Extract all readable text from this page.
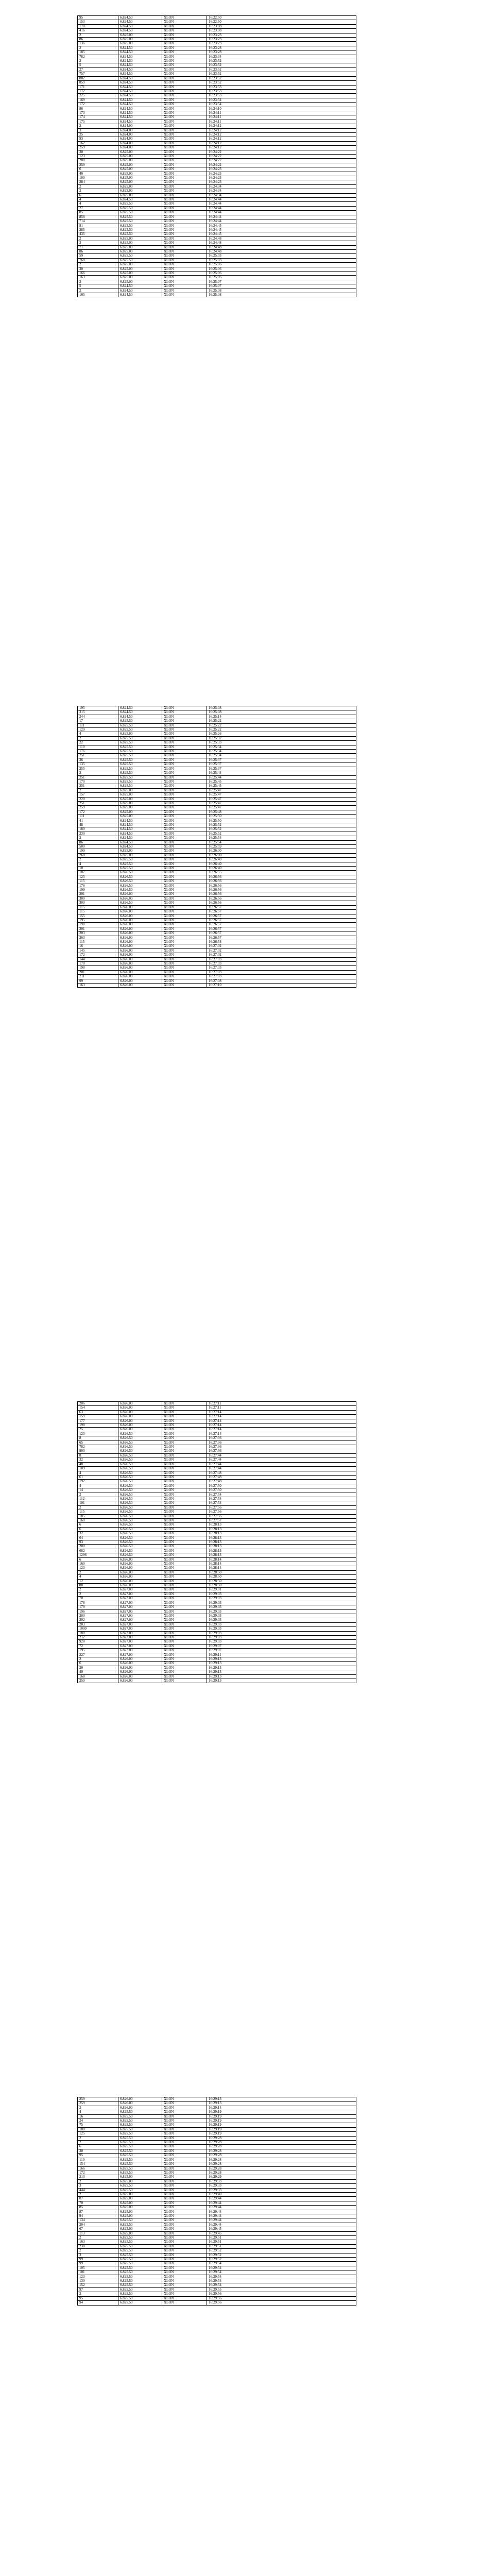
95	6.824.50	XLON	16:22:50
153	6.824.50	XLON	16:22:50
170	6.824.50	XLON	16:23:08
416	6.824.50	XLON	16:23:08
2	6.825.00	XLON	16:23:23
86	6.825.00	XLON	16:23:23
136	6.825.00	XLON	16:23:23
2	6.824.50	XLON	16:23:28
185	6.824.50	XLON	16:23:28
782	6.824.50	XLON	16:23:34
2	6.824.50	XLON	16:23:52
5	6.824.50	XLON	16:23:52
27	6.824.50	XLON	16:23:52
757	6.824.50	XLON	16:23:52
802	6.824.50	XLON	16:23:52
859	6.824.50	XLON	16:23:52
171	6.824.50	XLON	16:23:53
172	6.824.50	XLON	16:23:53
225	6.824.50	XLON	16:23:53
169	6.824.50	XLON	16:23:54
172	6.824.50	XLON	16:23:54
86	6.824.50	XLON	16:24:10
173	6.824.50	XLON	16:24:11
174	6.824.50	XLON	16:24:11
175	6.824.50	XLON	16:24:11
2	6.824.00	XLON	16:24:12
3	6.824.00	XLON	16:24:12
25	6.824.00	XLON	16:24:12
93	6.824.00	XLON	16:24:12
162	6.824.00	XLON	16:24:12
259	6.824.00	XLON	16:24:12
30	6.825.00	XLON	16:24:22
123	6.825.00	XLON	16:24:22
280	6.825.00	XLON	16:24:22
259	6.825.00	XLON	16:24:22
6	6.825.00	XLON	16:24:23
40	6.825.00	XLON	16:24:23
100	6.825.00	XLON	16:24:23
284	6.825.00	XLON	16:24:23
2	6.825.00	XLON	16:24:34
2	6.825.00	XLON	16:24:34
6	6.825.00	XLON	16:24:34
4	6.824.50	XLON	16:24:44
4	6.825.50	XLON	16:24:44
27	6.825.50	XLON	16:24:44
85	6.825.50	XLON	16:24:44
858	6.825.50	XLON	16:24:44
714	6.825.50	XLON	16:24:44
81	6.825.50	XLON	16:24:45
285	6.825.50	XLON	16:24:45
435	6.825.50	XLON	16:24:45
2	6.825.00	XLON	16:24:48
3	6.825.00	XLON	16:24:48
71	6.825.00	XLON	16:24:48
86	6.825.00	XLON	16:24:48
59	6.825.50	XLON	16:25:03
768	6.825.50	XLON	16:25:03
2	6.825.00	XLON	16:25:06
30	6.825.00	XLON	16:25:06
166	6.825.00	XLON	16:25:06
163	6.825.00	XLON	16:25:06
2	6.825.00	XLON	16:25:07
5	6.824.50	XLON	16:25:07
2	6.824.50	XLON	16:25:08
165	6.824.50	XLON	16:25:08
195	6.824.50	XLON	16:25:08
315	6.824.50	XLON	16:25:08
244	6.824.50	XLON	16:25:14
17	6.825.50	XLON	16:25:22
111	6.825.50	XLON	16:25:22
129	6.825.50	XLON	16:25:22
4	6.825.00	XLON	16:25:26
2	6.825.50	XLON	16:25:32
22	6.825.50	XLON	16:25:33
110	6.825.50	XLON	16:25:34
176	6.825.50	XLON	16:25:34
251	6.825.50	XLON	16:25:34
36	6.825.50	XLON	16:25:37
135	6.825.50	XLON	16:25:37
255	6.825.50	XLON	16:25:37
2	6.825.50	XLON	16:25:44
251	6.825.50	XLON	16:25:44
170	6.825.50	XLON	16:25:45
251	6.825.50	XLON	16:25:45
2	6.825.00	XLON	16:25:47
157	6.825.00	XLON	16:25:47
220	6.825.00	XLON	16:25:47
251	6.825.00	XLON	16:25:47
259	6.825.00	XLON	16:25:47
172	6.825.00	XLON	16:25:48
111	6.825.00	XLON	16:25:50
41	6.824.50	XLON	16:25:50
48	6.824.50	XLON	16:25:52
180	6.824.50	XLON	16:25:52
230	6.824.50	XLON	16:25:52
2	6.824.50	XLON	16:25:54
86	6.824.50	XLON	16:25:54
500	6.824.50	XLON	16:25:59
199	6.825.00	XLON	16:26:00
260	6.825.00	XLON	16:26:00
2	6.825.50	XLON	16:26:40
4	6.825.50	XLON	16:26:40
10	6.825.50	XLON	16:26:40
107	6.826.50	XLON	16:26:55
125	6.826.50	XLON	16:26:56
115	6.826.50	XLON	16:26:56
176	6.826.50	XLON	16:26:56
199	6.826.50	XLON	16:26:56
201	6.826.00	XLON	16:26:56
300	6.826.00	XLON	16:26:56
300	6.826.50	XLON	16:26:56
115	6.826.00	XLON	16:26:57
115	6.826.00	XLON	16:26:57
155	6.826.00	XLON	16:26:57
195	6.826.00	XLON	16:26:57
198	6.826.00	XLON	16:26:57
201	6.826.00	XLON	16:26:57
203	6.826.00	XLON	16:26:57
263	6.826.00	XLON	16:26:57
115	6.826.00	XLON	16:26:58
16	6.826.00	XLON	16:27:02
145	6.826.00	XLON	16:27:02
172	6.826.00	XLON	16:27:02
144	6.826.00	XLON	16:27:03
170	6.826.00	XLON	16:27:03
198	6.826.00	XLON	16:27:03
201	6.826.00	XLON	16:27:03
211	6.826.00	XLON	16:27:03
99	6.826.00	XLON	16:27:08
163	6.826.00	XLON	16:27:10
206	6.826.00	XLON	16:27:11
154	6.826.00	XLON	16:27:11
63	6.826.00	XLON	16:27:14
159	6.826.00	XLON	16:27:14
177	6.826.00	XLON	16:27:14
198	6.826.00	XLON	16:27:14
25	6.826.00	XLON	16:27:14
123	6.826.50	XLON	16:27:14
8	6.826.50	XLON	16:27:36
65	6.826.50	XLON	16:27:36
782	6.826.50	XLON	16:27:36
900	6.826.50	XLON	16:27:36
8	6.826.50	XLON	16:27:44
32	6.826.50	XLON	16:27:44
48	6.826.50	XLON	16:27:44
109	6.826.50	XLON	16:27:44
4	6.826.50	XLON	16:27:48
61	6.826.50	XLON	16:27:48
192	6.826.50	XLON	16:27:48
4	6.826.50	XLON	16:27:50
14	6.826.50	XLON	16:27:50
2	6.826.50	XLON	16:27:54
112	6.826.50	XLON	16:27:54
101	6.826.50	XLON	16:27:54
2	6.826.50	XLON	16:27:56
115	6.826.50	XLON	16:27:56
185	6.826.50	XLON	16:27:56
160	6.826.50	XLON	16:27:57
6	6.826.50	XLON	16:28:13
6	6.826.50	XLON	16:28:13
32	6.826.50	XLON	16:28:13
64	6.826.50	XLON	16:28:13
93	6.826.50	XLON	16:28:13
200	6.826.50	XLON	16:28:13
682	6.826.50	XLON	16:28:13
1296	6.826.50	XLON	16:28:13
6	6.826.00	XLON	16:28:14
160	6.826.00	XLON	16:28:14
123	6.826.00	XLON	16:28:14
2	6.826.00	XLON	16:28:50
4	6.826.00	XLON	16:28:50
12	6.826.00	XLON	16:28:50
80	6.826.00	XLON	16:28:50
2	6.827.00	XLON	16:29:01
2	6.827.00	XLON	16:29:03
70	6.827.00	XLON	16:29:03
178	6.827.00	XLON	16:29:03
179	6.827.00	XLON	16:29:03
196	6.827.00	XLON	16:29:03
200	6.827.00	XLON	16:29:03
202	6.827.00	XLON	16:29:03
203	6.827.00	XLON	16:29:03
1000	6.827.00	XLON	16:29:03
180	6.827.00	XLON	16:29:03
212	6.827.00	XLON	16:29:03
928	6.827.00	XLON	16:29:03
72	6.827.00	XLON	16:29:07
195	6.827.00	XLON	16:29:07
227	6.827.00	XLON	16:29:11
2	6.826.00	XLON	16:29:13
6	6.826.00	XLON	16:29:13
20	6.826.00	XLON	16:29:13
40	6.826.00	XLON	16:29:13
168	6.826.00	XLON	16:29:13
259	6.826.00	XLON	16:29:13
259	6.826.00	XLON	16:29:13
259	6.826.00	XLON	16:29:13
2	6.826.00	XLON	16:29:14
4	6.825.50	XLON	16:29:19
16	6.825.50	XLON	16:29:19
24	6.825.50	XLON	16:29:19
75	6.825.50	XLON	16:29:19
100	6.825.50	XLON	16:29:19
125	6.825.50	XLON	16:29:19
2	6.825.50	XLON	16:29:28
2	6.825.50	XLON	16:29:28
6	6.825.50	XLON	16:29:28
30	6.825.50	XLON	16:29:28
95	6.825.50	XLON	16:29:28
110	6.825.50	XLON	16:29:28
154	6.825.50	XLON	16:29:28
166	6.825.50	XLON	16:29:28
172	6.825.50	XLON	16:29:28
213	6.825.00	XLON	16:29:29
2	6.825.00	XLON	16:29:33
3	6.825.50	XLON	16:29:33
444	6.825.50	XLON	16:29:33
2	6.825.00	XLON	16:29:40
87	6.825.00	XLON	16:29:44
70	6.825.00	XLON	16:29:44
85	6.825.00	XLON	16:29:44
87	6.825.00	XLON	16:29:44
94	6.825.00	XLON	16:29:44
134	6.825.50	XLON	16:29:44
204	6.825.50	XLON	16:29:44
67	6.825.00	XLON	16:29:45
113	6.825.00	XLON	16:29:45
2	6.825.50	XLON	16:29:51
163	6.825.50	XLON	16:29:51
238	6.825.50	XLON	16:29:51
2	6.825.50	XLON	16:29:52
3	6.825.50	XLON	16:29:52
99	6.825.50	XLON	16:29:52
99	6.825.50	XLON	16:29:54
105	6.825.50	XLON	16:29:54
101	6.825.50	XLON	16:29:54
123	6.825.50	XLON	16:29:54
130	6.825.50	XLON	16:29:54
152	6.825.50	XLON	16:29:54
97	6.825.50	XLON	16:29:55
2	6.825.50	XLON	16:29:56
95	6.825.50	XLON	16:29:56
94	6.825.50	XLON	16:29:56
